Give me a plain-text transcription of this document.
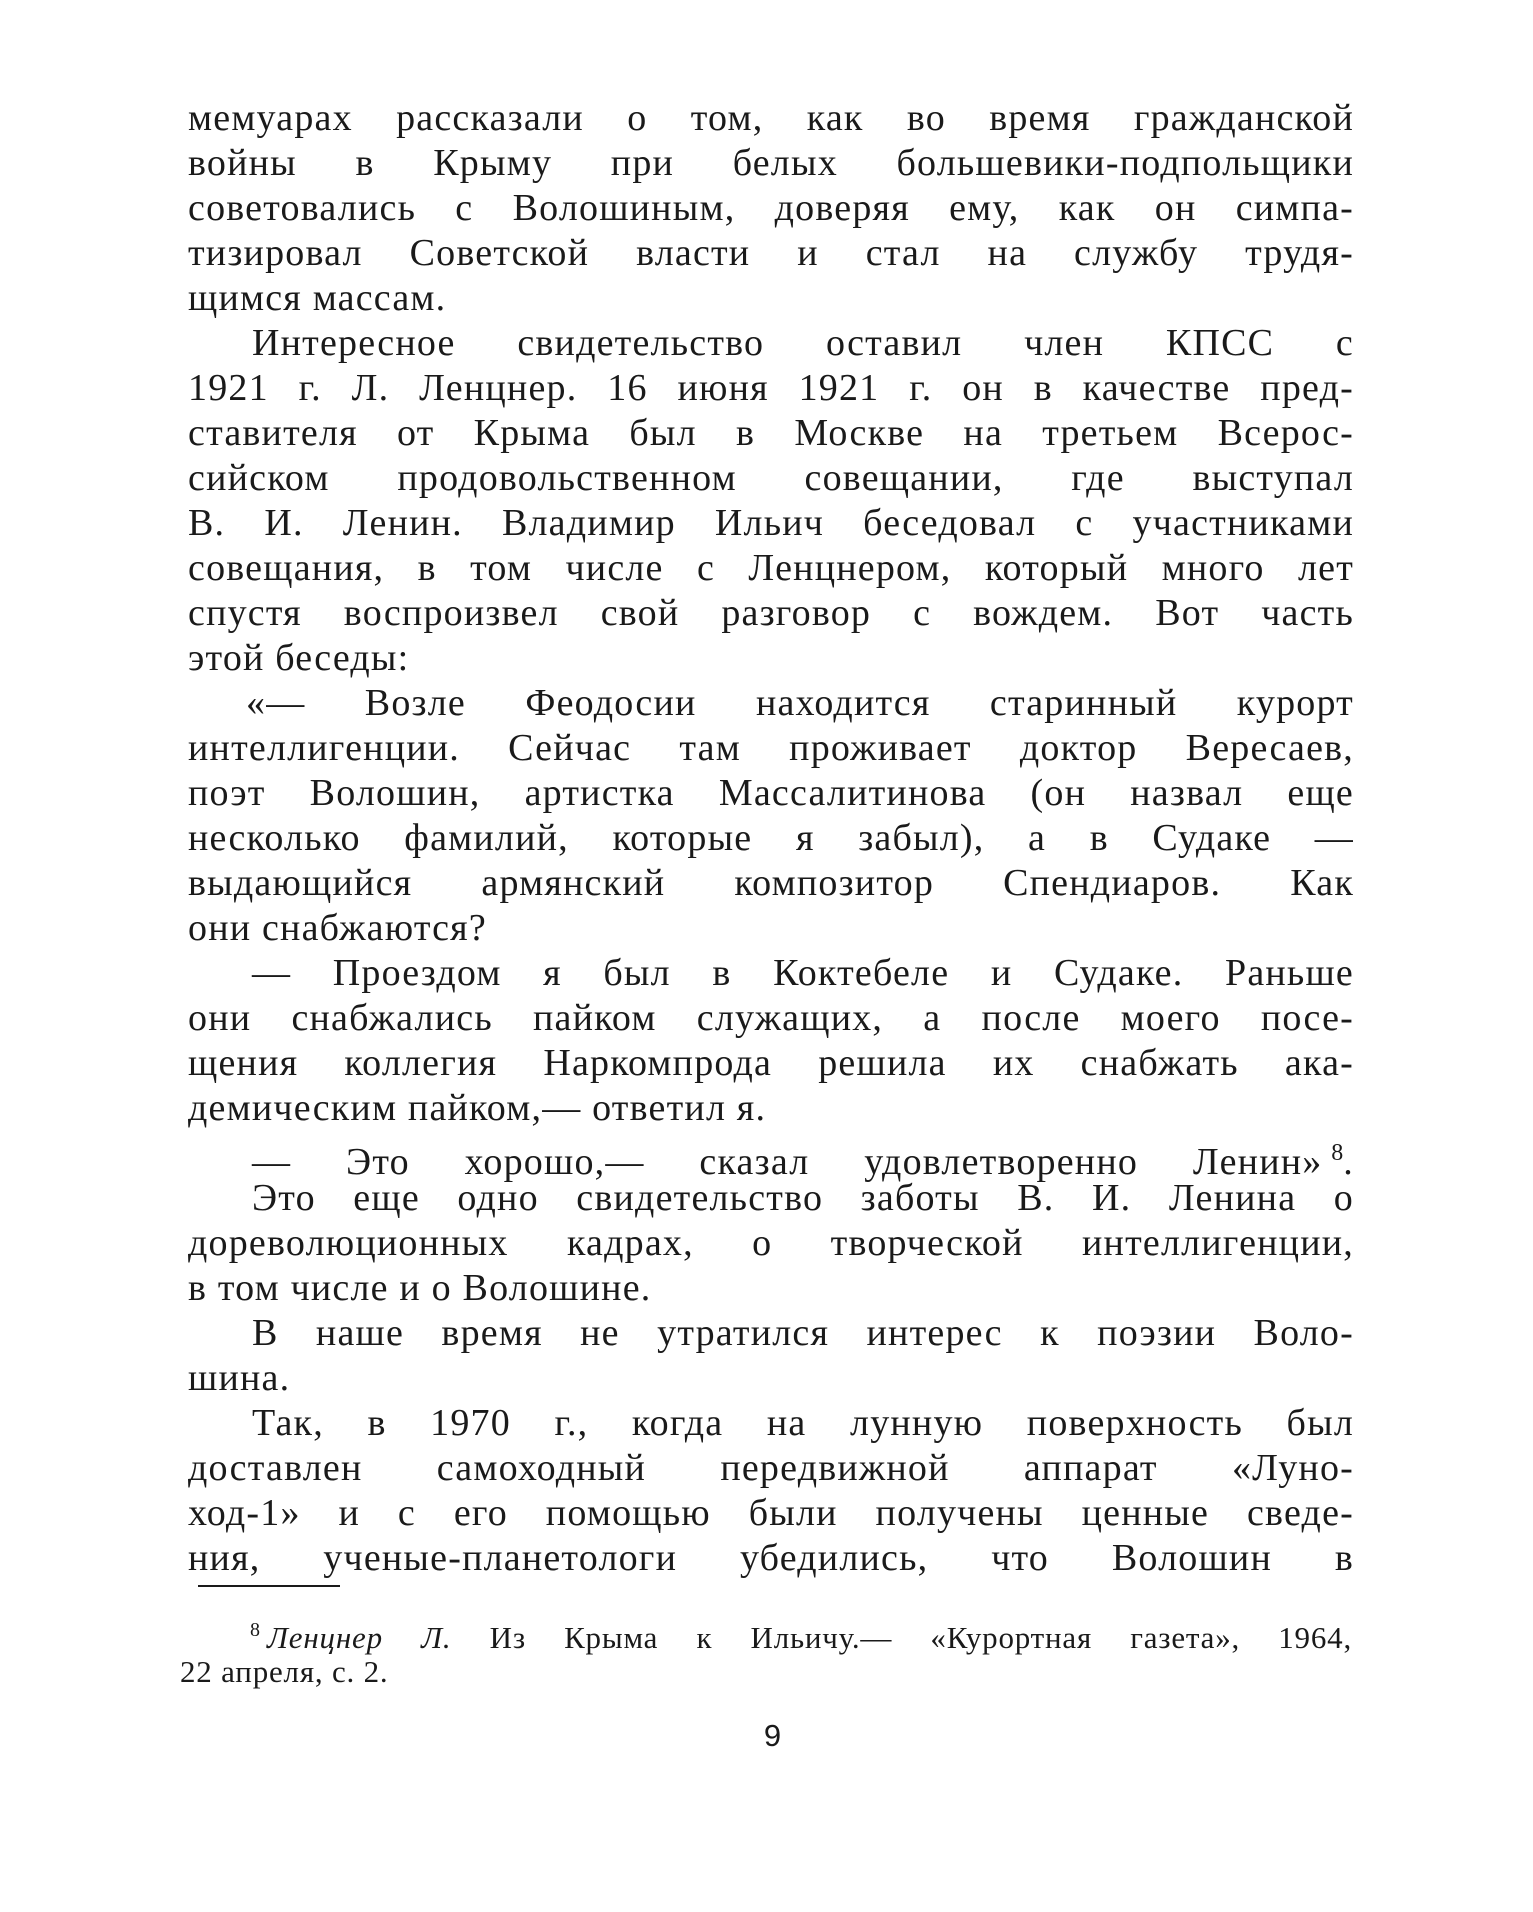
мемуарах рассказали о том, как во время гражданской
войны в Крыму при белых большевики-подпольщики
советовались с Волошиным, доверяя ему, как он симпа-
тизировал Советской власти и стал на службу трудя-
щимся массам.
Интересное свидетельство оставил член КПСС с
1921 г. Л. Ленцнер. 16 июня 1921 г. он в качестве пред-
ставителя от Крыма был в Москве на третьем Всерос-
сийском продовольственном совещании, где выступал
В. И. Ленин. Владимир Ильич беседовал с участниками
совещания, в том числе с Ленцнером, который много лет
спустя воспроизвел свой разговор с вождем. Вот часть
этой беседы:
«— Возле Феодосии находится старинный курорт
интеллигенции. Сейчас там проживает доктор Вересаев,
поэт Волошин, артистка Массалитинова (он назвал еще
несколько фамилий, которые я забыл), а в Судаке —
выдающийся армянский композитор Спендиаров. Как
они снабжаются?
— Проездом я был в Коктебеле и Судаке. Раньше
они снабжались пайком служащих, а после моего посе-
щения коллегия Наркомпрода решила их снабжать ака-
демическим пайком,— ответил я.
— Это хорошо,— сказал удовлетворенно Ленин»  $^8$.
Это еще одно свидетельство заботы В. И. Ленина о
дореволюционных кадрах, о творческой интеллигенции,
в том числе и о Волошине.
В наше время не утратился интерес к поэзии Воло-
шина.
Так, в 1970 г., когда на лунную поверхность был
доставлен самоходный передвижной аппарат «Луно-
ход-1» и с его помощью были получены ценные сведе-
ния, ученые-планетологи убедились, что Волошин в
$^8$  Ленцнер Л. Из Крыма к Ильичу.— «Курортная газета», 1964,
22 апреля, с. 2.
9
